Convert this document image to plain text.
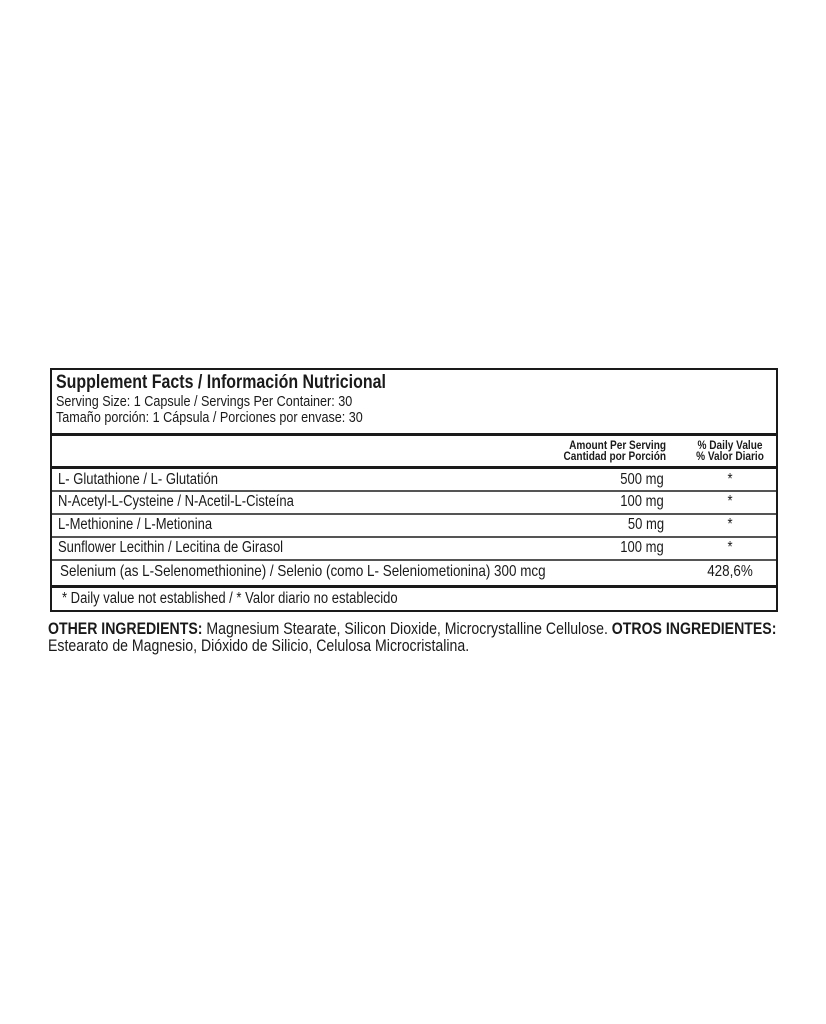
Supplement Facts / Información Nutricional
Serving Size: 1 Capsule / Servings Per Container: 30
Tamaño porción: 1 Cápsula / Porciones por envase: 30
Amount Per Serving
Cantidad por Porción
% Daily Value
% Valor Diario
L- Glutathione / L- Glutatión	500 mg	*
N-Acetyl-L-Cysteine / N-Acetil-L-Cisteína	100 mg	*
L-Methionine / L-Metionina	50 mg	*
Sunflower Lecithin / Lecitina de Girasol	100 mg	*
Selenium (as L-Selenomethionine) / Selenio (como L- Seleniometionina) 300 mcg	428,6%
* Daily value not established / * Valor diario no establecido
OTHER INGREDIENTS: Magnesium Stearate, Silicon Dioxide, Microcrystalline Cellulose. OTROS INGREDIENTES: Estearato de Magnesio, Dióxido de Silicio, Celulosa Microcristalina.
